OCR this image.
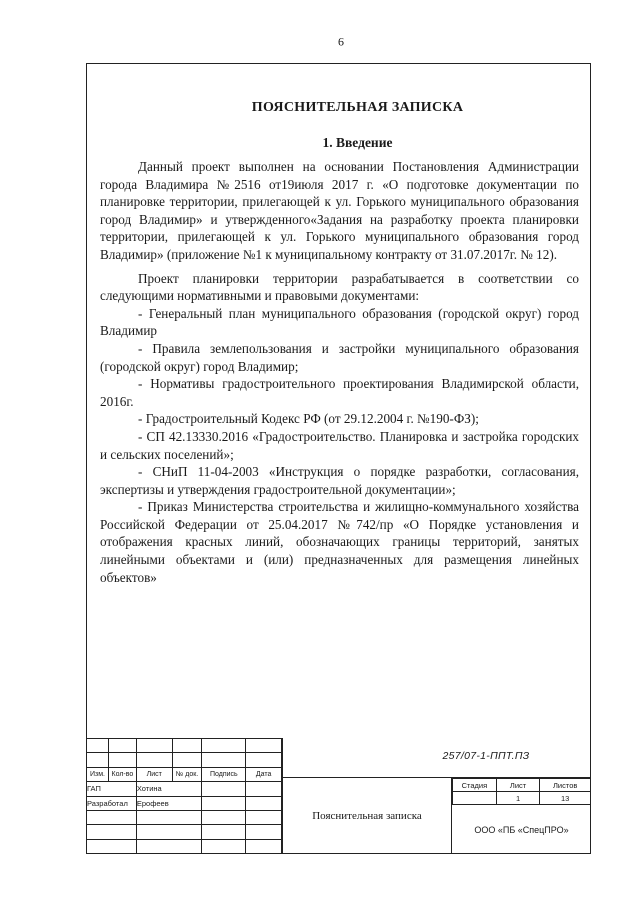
9
ПОЯСНИТЕЛЬНАЯ ЗАПИСКА
1. Введение

Данный проект выполнен на основании Постановления Администрации города Владимира №2516 от19июля 2017 г. «О подготовке документации по планировке территории, прилегающей к ул. Горького муниципального образования город Владимир» и утвержденного«Задания на разработку проекта планировки территории, прилегающей к ул. Горького муниципального образования город Владимир» (приложение №1 к муниципальному контракту от 31.07.2017г. № 12).

Проект планировки территории разрабатывается в соответствии со следующими нормативными и правовыми документами:

- Генеральный план муниципального образования (городской округ) город Владимир
- Правила землепользования и застройки муниципального образования (городской округ) город Владимир;
- Нормативы градостроительного проектирования Владимирской области, 2016г.
- Градостроительный Кодекс РФ (от 29.12.2004 г. №190-ФЗ);
- СП 42.13330.2016 «Градостроительство. Планировка и застройка городских и сельских поселений»;
- СНиП 11-04-2003 «Инструкция о порядке разработки, согласования, экспертизы и утверждения градостроительной документации»;
- Приказ Министерства строительства и жилищно-коммунального хозяйства Российской Федерации от 25.04.2017 №742/пр «О Порядке установления и отображения красных линий, обозначающих границы территорий, занятых линейными объектами и (или) предназначенных для размещения линейных объектов»

Изм.	Кол-во	Лист	№ док.	Подпись	Дата
ГАП		Хотина			
Разработал		Ерофеев			

257/07-1-ППТ.ПЗ
Пояснительная записка
Стадия	Лист	Листов
	1	13
ООО «ПБ «СпецПРО»
